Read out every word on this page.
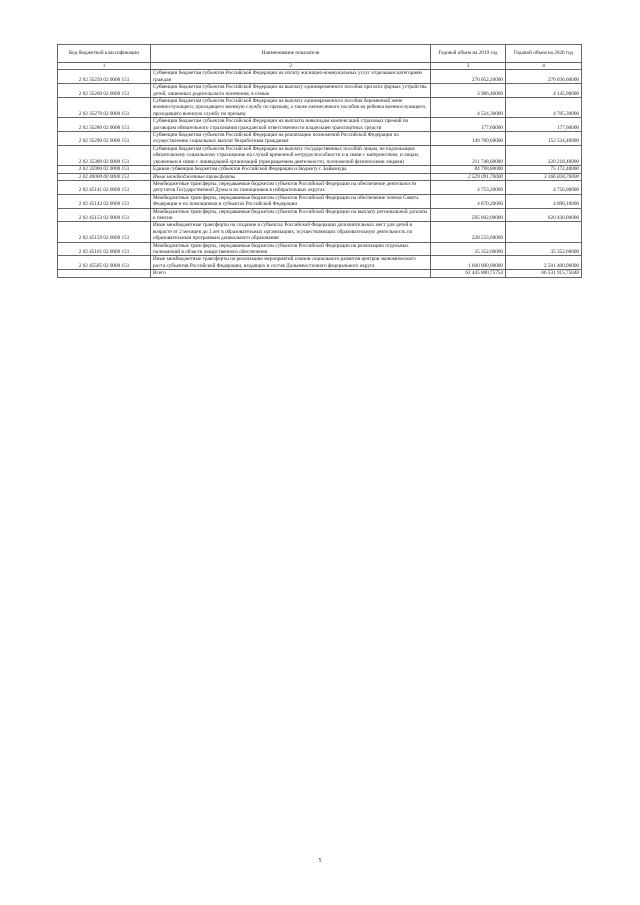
Код бюджетной классификации	Наименование показателя	Годовой объем на 2019 год	Годовой объем на 2020 год
1	2	3	4
2 02 35250 02 0000 151	Субвенции бюджетам субъектов Российской Федерации на оплату жилищно-коммунальных услуг отдельным категориям граждан	276 052,20000	276 036,60000
2 02 35260 02 0000 151	Субвенции бюджетам субъектов Российской Федерации на выплату единовременного пособия при всех формах устройства детей, лишенных родительского попечения, в семью	3 986,40000	4 145,90000
2 02 35270 02 0000 151	Субвенции бюджетам субъектов Российской Федерации на выплату единовременного пособия беременной жене военнослужащего, проходящего военную службу по призыву, а также ежемесячного пособия на ребенка военнослужащего, проходящего военную службу по призыву	4 524,30000	4 705,30000
2 02 35280 02 0000 151	Субвенции бюджетам субъектов Российской Федерации на выплаты инвалидам компенсаций страховых премий по договорам обязательного страхования гражданской ответственности владельцев транспортных средств	177,60000	177,60000
2 02 35290 02 0000 151	Субвенции бюджетам субъектов Российской Федерации на реализацию полномочий Российской Федерации по осуществлению социальных выплат безработным гражданам	149 789,60000	152 534,40000
2 02 35380 02 0000 151	Субвенции бюджетам субъектов Российской Федерации на выплату государственных пособий лицам, не подлежащим обязательному социальному страхованию на случай временной нетрудоспособности и в связи с материнством, и лицам, уволенным в связи с ликвидацией организаций (прекращением деятельности, полномочий физическими лицами)	211 748,60000	220 218,40000
2 02 35900 02 0000 151	Единая субвенция бюджетам субъектов Российской Федерации и бюджету г. Байконура	84 798,80000	75 172,40000
2 02 40000 00 0000 151	Иные межбюджетные трансферты	2 529 091,70000	3 166 828,70000
2 02 45141 02 0000 151	Межбюджетные трансферты, передаваемые бюджетам субъектов Российской Федерации на обеспечение деятельности депутатов Государственной Думы и их помощников в избирательных округах	4 753,20000	4 756,00000
2 02 45142 02 0000 151	Межбюджетные трансферты, передаваемые бюджетам субъектов Российской Федерации на обеспечение членов Совета Федерации и их помощников в субъектах Российской Федерации	4 870,20000	4 890,10000
2 02 45153 02 0000 151	Межбюджетные трансферты, передаваемые бюджетам субъектов Российской Федерации на выплату региональной доплаты к пенсии	595 602,00000	620 430,00000
2 02 45159 02 0000 151	Иные межбюджетные трансферты на создание в субъектах Российской Федерации дополнительных мест для детей в возрасте от 2 месяцев до 3 лет в образовательных организациях, осуществляющих образовательную деятельность по образовательным программам дошкольного образования	228 533,60000	
2 02 45161 02 0000 151	Межбюджетные трансферты, передаваемые бюджетам субъектов Российской Федерации на реализацию отдельных полномочий в области лекарственного обеспечения	35 352,60000	35 352,60000
2 02 45505 02 0000 151	Иные межбюджетные трансферты на реализацию мероприятий планов социального развития центров экономического роста субъектов Российской Федерации, входящих в состав Дальневосточного федерального округа	1 660 000,00000	2 501 400,00000
	Всего	62 445 880,75754	66 531 915,75048
5
